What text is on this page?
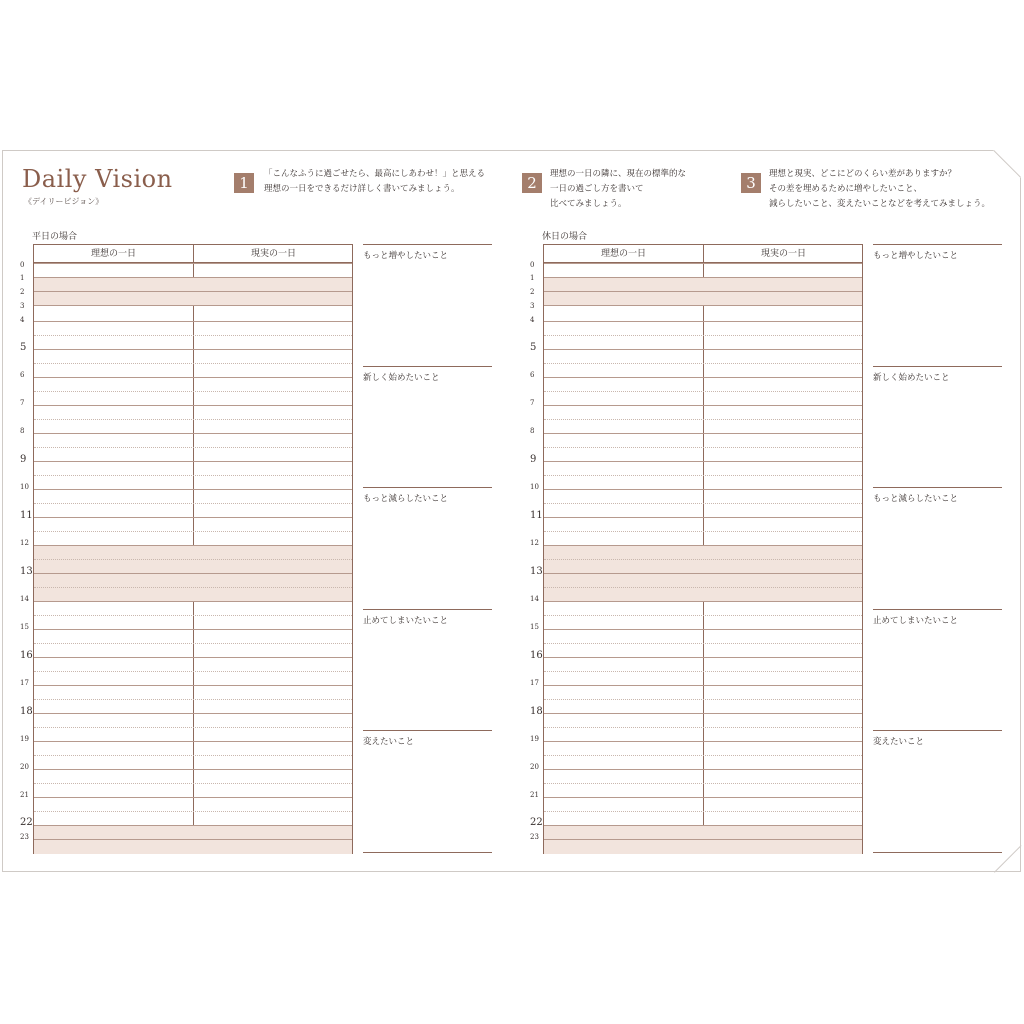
Daily Vision
《デイリービジョン》
1	「こんなふうに過ごせたら、最高にしあわせ！」と思える
理想の一日をできるだけ詳しく書いてみましょう。	2	理想の一日の隣に、現在の標準的な
一日の過ごし方を書いて
比べてみましょう。
3	理想と現実、どこにどのくらい差がありますか？
その差を埋めるために増やしたいこと、
減らしたいこと、変えたいことなどを考えてみましょう。
平日の場合
理想の一日	現実の一日
0
1
2
3
4
5
6
7
8
9
10
11
12
13
14
15
16
17
18
19
20
21
22
23
もっと増やしたいこと
新しく始めたいこと
もっと減らしたいこと
止めてしまいたいこと
変えたいこと
休日の場合
理想の一日	現実の一日
0
1
2
3
4
5
6
7
8
9
10
11
12
13
14
15
16
17
18
19
20
21
22
23
もっと増やしたいこと
新しく始めたいこと
もっと減らしたいこと
止めてしまいたいこと
変えたいこと
